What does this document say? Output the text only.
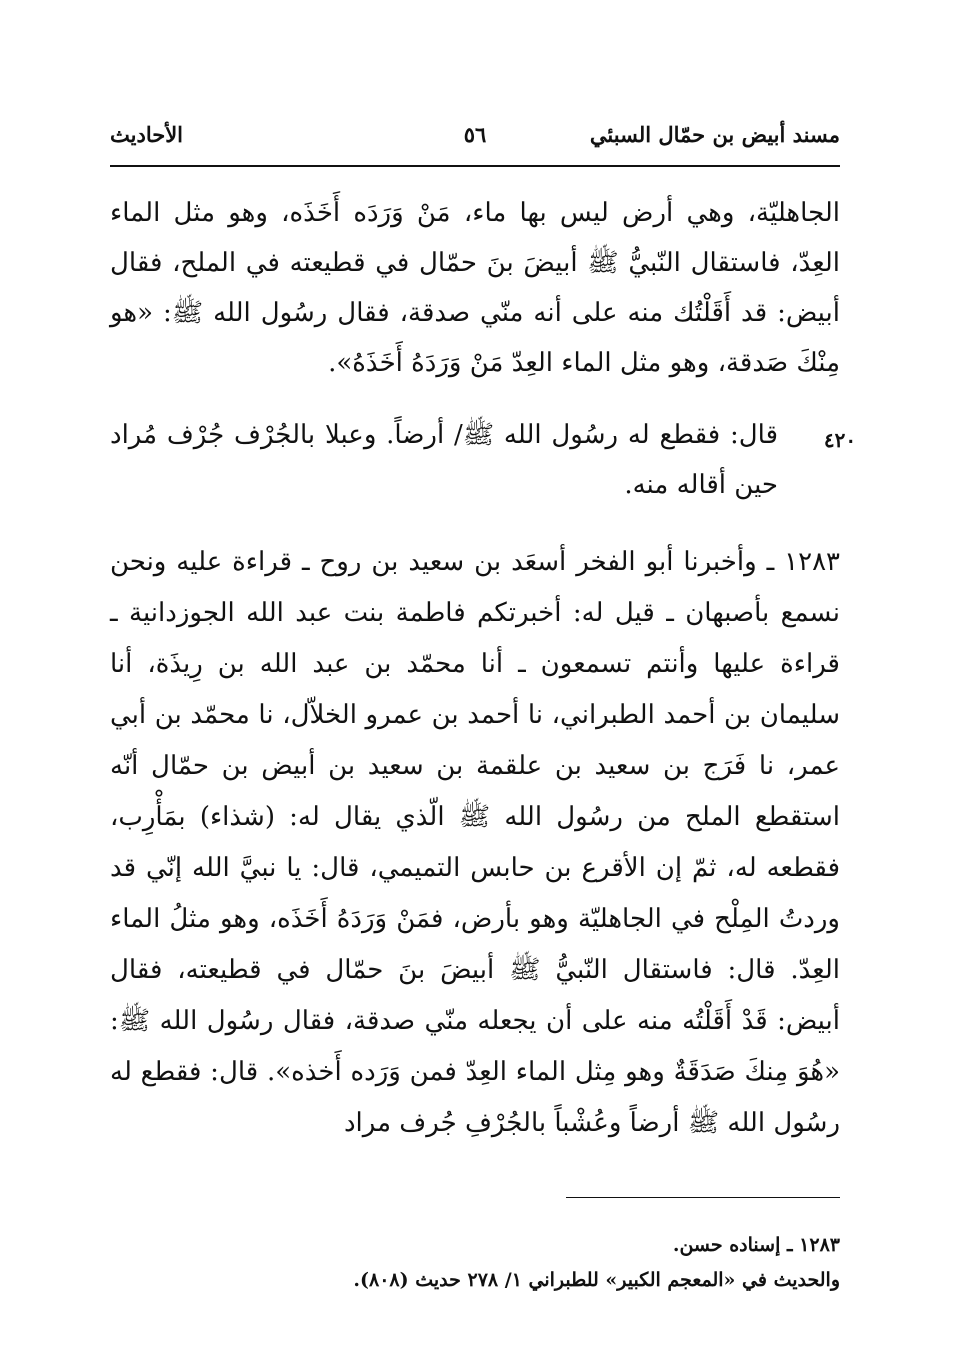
مسند أبيض بن حمّال السبئي
٥٦
الأحاديث

الجاهليّة، وهي أرض ليس بها ماء، مَنْ وَرَدَه أَخَذَه، وهو مثل الماء العِدّ، فاستقال النّبيُّ ﷺ أبيضَ بنَ حمّال في قطيعته في الملح، فقال أبيض: قد أَقَلْتُك منه على أنه منّي صدقة، فقال رسُول الله ﷺ: «هو مِنْكَ صَدقة، وهو مثل الماء العِدّ مَنْ وَرَدَهُ أَخَذَهُ».

٤٢٠

قال: فقطع له رسُول الله ﷺ/ أرضاً. وعبلا بالجُرْف جُرْف مُراد حين أقاله منه.

١٢٨٣ ـ وأخبرنا أبو الفخر أسعَد بن سعيد بن روح ـ قراءة عليه ونحن نسمع بأصبهان ـ قيل له: أخبرتكم فاطمة بنت عبد الله الجوزدانية ـ قراءة عليها وأنتم تسمعون ـ أنا محمّد بن عبد الله بن رِيذَة، أنا سليمان بن أحمد الطبراني، نا أحمد بن عمرو الخلاّل، نا محمّد بن أبي عمر، نا فَرَج بن سعيد بن علقمة بن سعيد بن أبيض بن حمّال أنّه استقطع الملح من رسُول الله ﷺ الّذي يقال له: (شذاء) بمَأْرِب، فقطعه له، ثمّ إن الأقرع بن حابس التميمي، قال: يا نبيَّ الله إنّي قد وردتُ المِلْح في الجاهليّة وهو بأرض، فمَنْ وَرَدَهُ أَخَذَه، وهو مثلُ الماء العِدّ. قال: فاستقال النّبيُّ ﷺ أبيضَ بنَ حمّال في قطيعته، فقال أبيض: قَدْ أَقَلْتُه منه على أن يجعله منّي صدقة، فقال رسُول الله ﷺ: «هُوَ مِنكَ صَدَقَةٌ وهو مِثل الماء العِدّ فمن وَرَده أَخذه». قال: فقطع له رسُول الله ﷺ أرضاً وعُشْباً بالجُرْفِ جُرف مراد

١٢٨٣ ـ إسناده حسن.
والحديث في «المعجم الكبير» للطبراني ١/ ٢٧٨ حديث (٨٠٨).
